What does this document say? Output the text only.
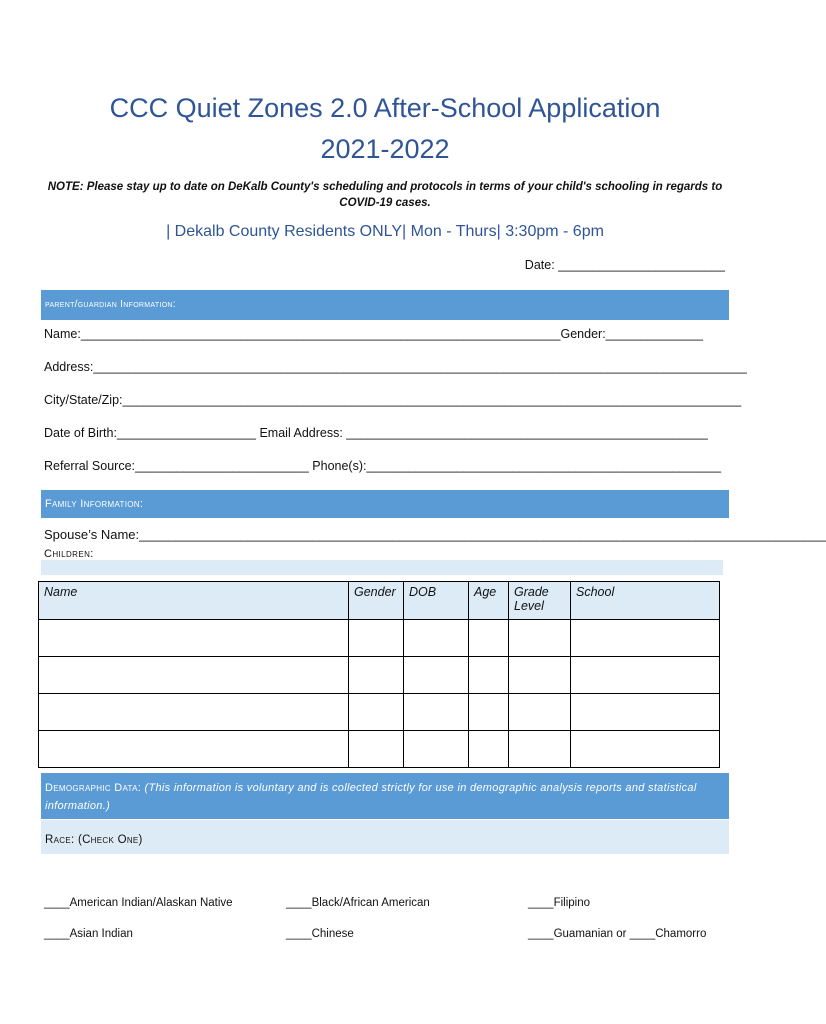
CCC Quiet Zones 2.0 After-School Application
2021-2022
NOTE: Please stay up to date on DeKalb County's scheduling and protocols in terms of your child's schooling in regards to COVID-19 cases.
| Dekalb County Residents ONLY| Mon - Thurs| 3:30pm - 6pm
Date: ________________________
parent/guardian Information:
Name:_____________________________________________________________________Gender:______________
Address:______________________________________________________________________________________________
City/State/Zip:_________________________________________________________________________________________
Date of Birth:____________________ Email Address: ____________________________________________________
Referral Source:_________________________ Phone(s):___________________________________________________
Family Information:
Spouse’s Name:_______________________________________________________________________________________________
Children:
Name	Gender	DOB	Age	Grade Level	School

Demographic Data: (This information is voluntary and is collected strictly for use in demographic analysis reports and statistical information.)
Race: (Check One)
____American Indian/Alaskan Native	____Black/African American	____Filipino
____Asian Indian	____Chinese	____Guamanian or ____Chamorro
